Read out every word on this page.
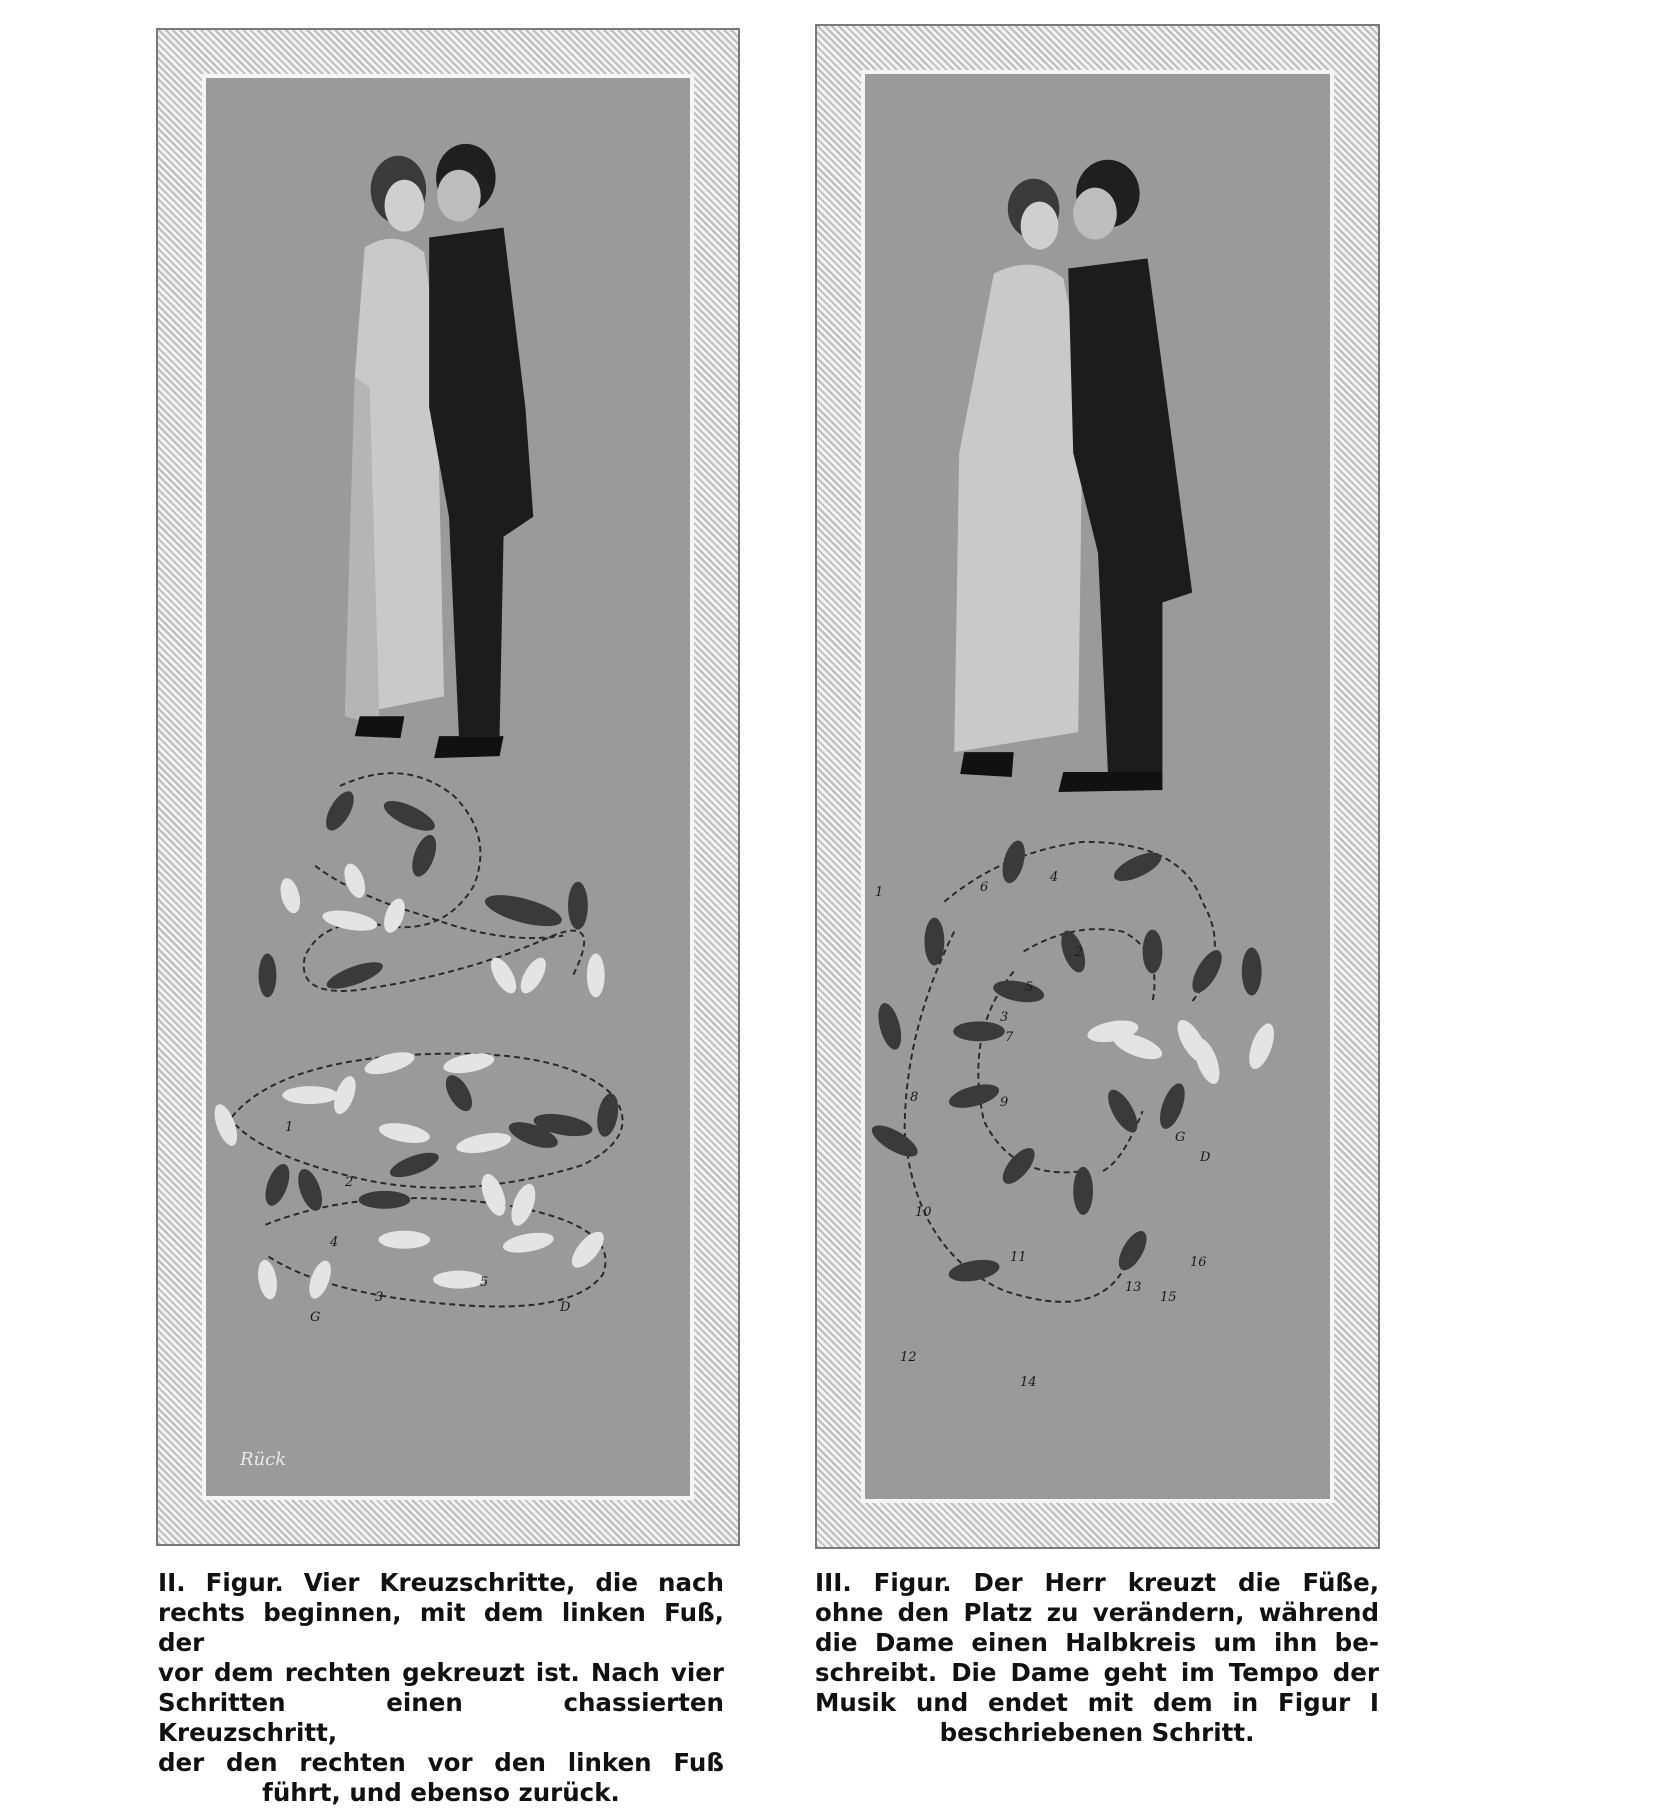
Rück
II. Figur. Vier Kreuzschritte, die nach
rechts beginnen, mit dem linken Fuß, der
vor dem rechten gekreuzt ist. Nach vier
Schritten einen chassierten Kreuzschritt,
der den rechten vor den linken Fuß
führt, und ebenso zurück.
III. Figur. Der Herr kreuzt die Füße,
ohne den Platz zu verändern, während
die Dame einen Halbkreis um ihn be-
schreibt. Die Dame geht im Tempo der
Musik und endet mit dem in Figur I
beschriebenen Schritt.
1
2
3
4
5
G
D
1
2
3
4
5
6
7
8	9
10
11
12
13
14
15
16
G
D
